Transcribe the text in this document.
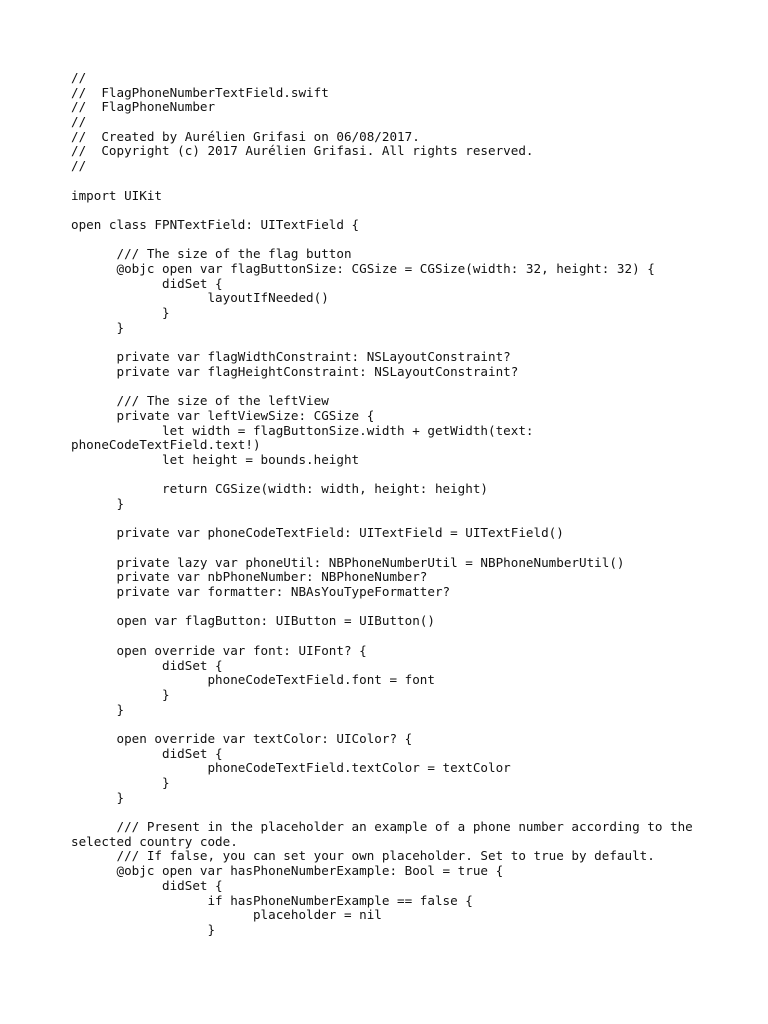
//
//  FlagPhoneNumberTextField.swift
//  FlagPhoneNumber
//
//  Created by Aurélien Grifasi on 06/08/2017.
//  Copyright (c) 2017 Aurélien Grifasi. All rights reserved.
//
import UIKit
open class FPNTextField: UITextField {
/// The size of the flag button
@objc open var flagButtonSize: CGSize = CGSize(width: 32, height: 32) {
didSet {
layoutIfNeeded()
}
}
private var flagWidthConstraint: NSLayoutConstraint?
private var flagHeightConstraint: NSLayoutConstraint?
/// The size of the leftView
private var leftViewSize: CGSize {
let width = flagButtonSize.width + getWidth(text:
phoneCodeTextField.text!)
let height = bounds.height
return CGSize(width: width, height: height)
}
private var phoneCodeTextField: UITextField = UITextField()
private lazy var phoneUtil: NBPhoneNumberUtil = NBPhoneNumberUtil()
private var nbPhoneNumber: NBPhoneNumber?
private var formatter: NBAsYouTypeFormatter?
open var flagButton: UIButton = UIButton()
open override var font: UIFont? {
didSet {
phoneCodeTextField.font = font
}
}
open override var textColor: UIColor? {
didSet {
phoneCodeTextField.textColor = textColor
}
}
/// Present in the placeholder an example of a phone number according to the
selected country code.
/// If false, you can set your own placeholder. Set to true by default.
@objc open var hasPhoneNumberExample: Bool = true {
didSet {
if hasPhoneNumberExample == false {
placeholder = nil
}
